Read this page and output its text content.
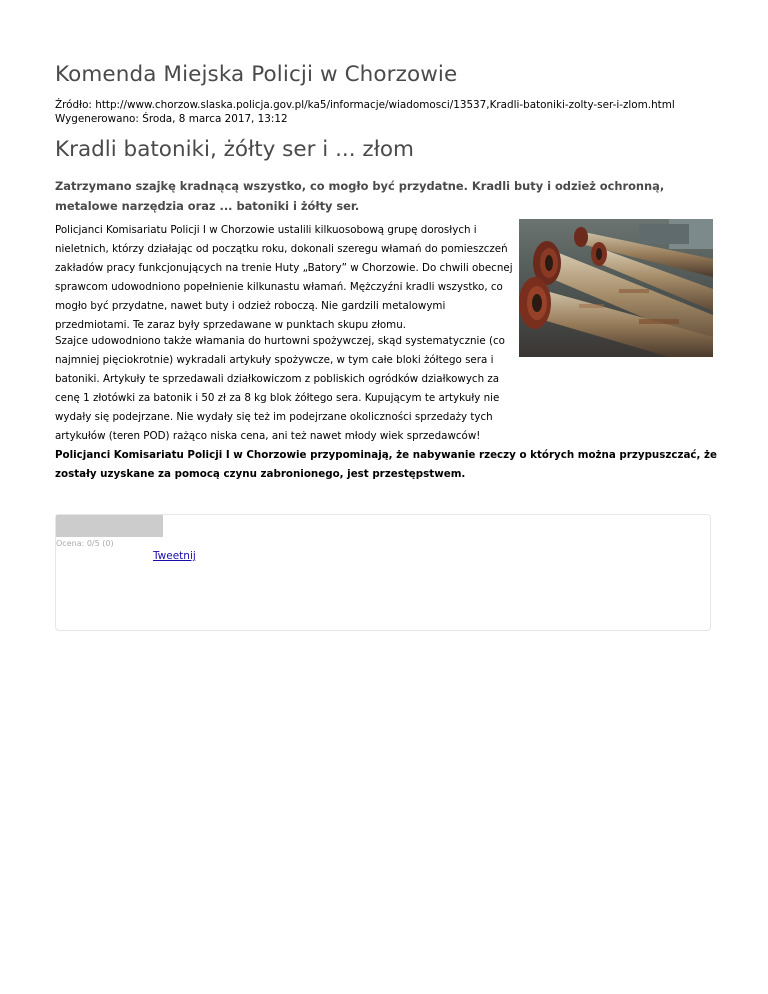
Komenda Miejska Policji w Chorzowie
Źródło: http://www.chorzow.slaska.policja.gov.pl/ka5/informacje/wiadomosci/13537,Kradli-batoniki-zolty-ser-i-zlom.html
Wygenerowano: Środa, 8 marca 2017, 13:12
Kradli batoniki, żółty ser i ... złom

Zatrzymano szajkę kradnącą wszystko, co mogło być przydatne. Kradli buty i odzież ochronną, metalowe narzędzia oraz ... batoniki i żółty ser.

Policjanci Komisariatu Policji I w Chorzowie ustalili kilkuosobową grupę dorosłych i nieletnich, którzy działając od początku roku, dokonali szeregu włamań do pomieszczeń zakładów pracy funkcjonujących na trenie Huty „Batory” w Chorzowie. Do chwili obecnej sprawcom udowodniono popełnienie kilkunastu włamań. Mężczyźni kradli wszystko, co mogło być przydatne, nawet buty i odzież roboczą. Nie gardzili metalowymi przedmiotami. Te zaraz były sprzedawane w punktach skupu złomu.

Szajce udowodniono także włamania do hurtowni spożywczej, skąd systematycznie (co najmniej pięciokrotnie) wykradali artykuły spożywcze, w tym całe bloki żółtego sera i batoniki. Artykuły te sprzedawali działkowiczom z pobliskich ogródków działkowych za cenę 1 złotówki za batonik i 50 zł za 8 kg blok żółtego sera. Kupującym te artykuły nie wydały się podejrzane. Nie wydały się też im podejrzane okoliczności sprzedaży tych artykułów (teren POD) rażąco niska cena, ani też nawet młody wiek sprzedawców!

Policjanci Komisariatu Policji I w Chorzowie przypominają, że nabywanie rzeczy o których można przypuszczać, że zostały uzyskane za pomocą czynu zabronionego, jest przestępstwem.

Ocena: 0/5 (0)
Tweetnij
